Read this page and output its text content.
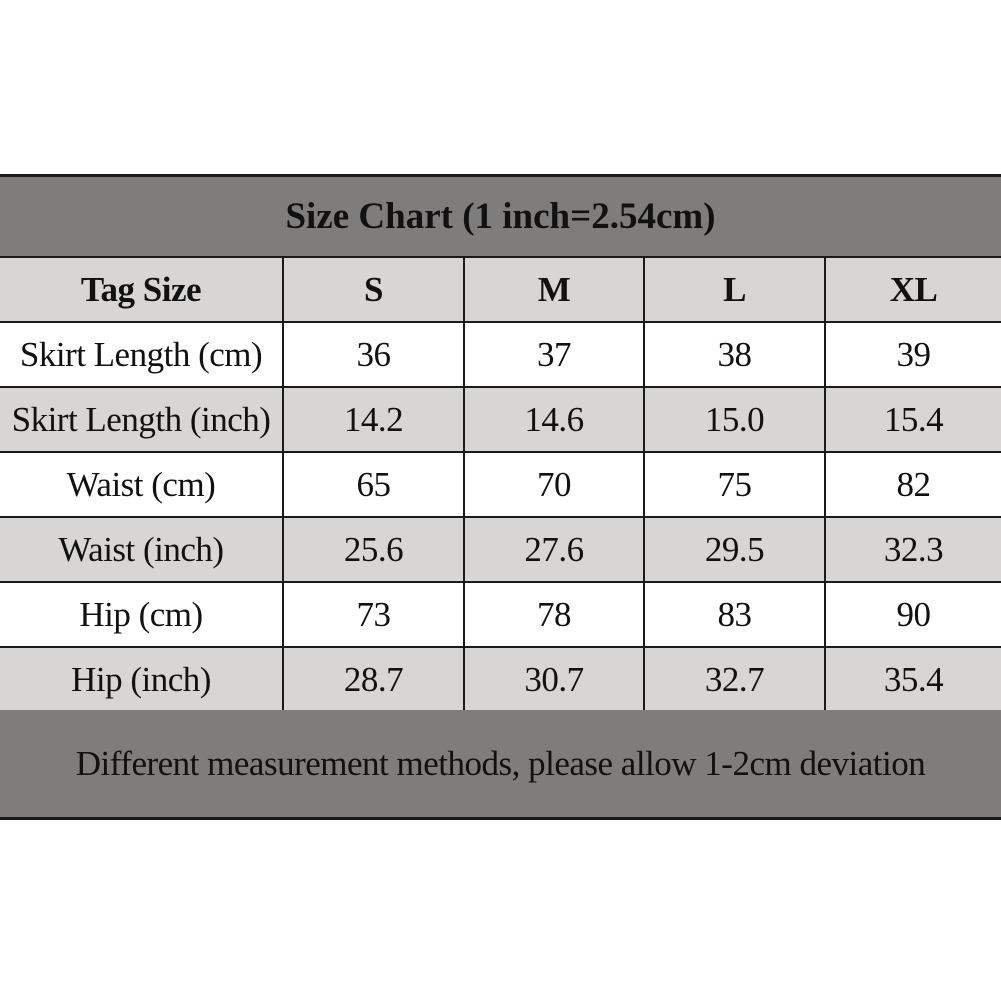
Size Chart (1 inch=2.54cm)
Tag Size	S	M	L	XL
Skirt Length (cm)	36	37	38	39
Skirt Length (inch)	14.2	14.6	15.0	15.4
Waist (cm)	65	70	75	82
Waist (inch)	25.6	27.6	29.5	32.3
Hip (cm)	73	78	83	90
Hip (inch)	28.7	30.7	32.7	35.4
Different measurement methods, please allow 1-2cm deviation
